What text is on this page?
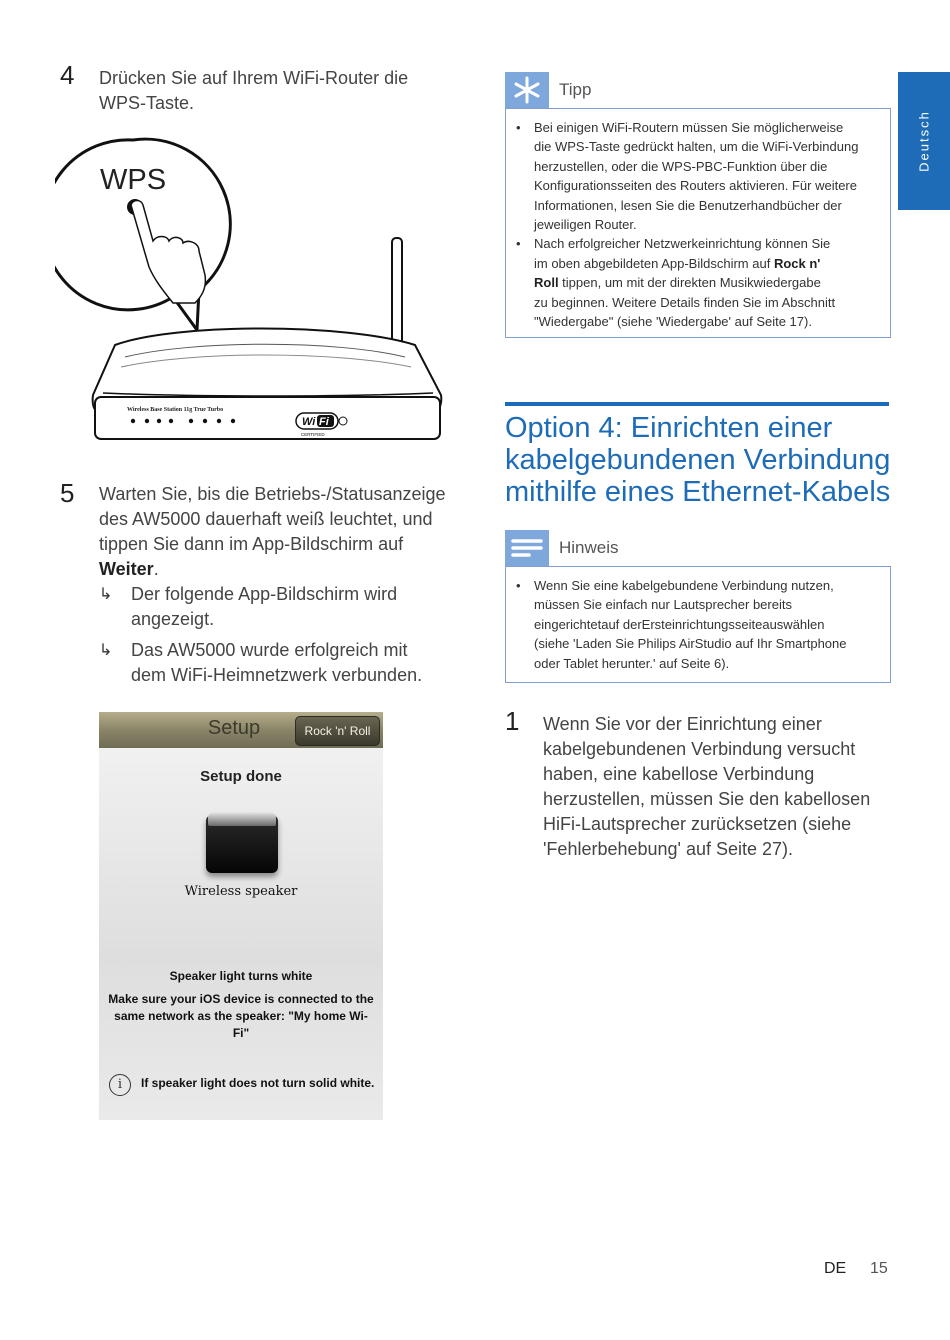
Deutsch
4 Drücken Sie auf Ihrem WiFi-Router die
WPS-Taste.
WPS
Wireless Base Station 11g True Turbo
Wi Fi
CERTIFIED
5 Warten Sie, bis die Betriebs-/Statusanzeige
des AW5000 dauerhaft weiß leuchtet, und
tippen Sie dann im App-Bildschirm auf
Weiter.
↳ Der folgende App-Bildschirm wird
angezeigt.
↳ Das AW5000 wurde erfolgreich mit
dem WiFi-Heimnetzwerk verbunden.
Setup	Rock 'n' Roll
Setup done
Wireless speaker
Speaker light turns white
Make sure your iOS device is connected to the
same network as the speaker: "My home Wi-
Fi"
i	If speaker light does not turn solid white.
Tipp
• Bei einigen WiFi-Routern müssen Sie möglicherweise
die WPS-Taste gedrückt halten, um die WiFi-Verbindung
herzustellen, oder die WPS-PBC-Funktion über die
Konfigurationsseiten des Routers aktivieren. Für weitere
Informationen, lesen Sie die Benutzerhandbücher der
jeweiligen Router.
• Nach erfolgreicher Netzwerkeinrichtung können Sie
im oben abgebildeten App-Bildschirm auf Rock n'
Roll tippen, um mit der direkten Musikwiedergabe
zu beginnen. Weitere Details finden Sie im Abschnitt
"Wiedergabe" (siehe 'Wiedergabe' auf Seite 17).
Option 4: Einrichten einer
kabelgebundenen Verbindung
mithilfe eines Ethernet-Kabels
Hinweis
• Wenn Sie eine kabelgebundene Verbindung nutzen,
müssen Sie einfach nur Lautsprecher bereits
eingerichtetauf derErsteinrichtungsseiteauswählen
(siehe 'Laden Sie Philips AirStudio auf Ihr Smartphone
oder Tablet herunter.' auf Seite 6).
1 Wenn Sie vor der Einrichtung einer
kabelgebundenen Verbindung versucht
haben, eine kabellose Verbindung
herzustellen, müssen Sie den kabellosen
HiFi-Lautsprecher zurücksetzen (siehe
'Fehlerbehebung' auf Seite 27).
DE 15
